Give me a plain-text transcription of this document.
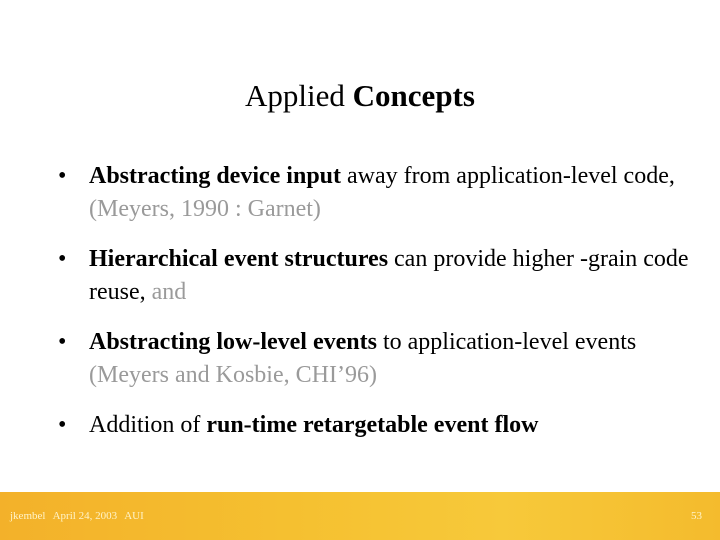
Applied Concepts
• Abstracting device input away from application-level code, (Meyers, 1990 : Garnet)
• Hierarchical event structures can provide higher -grain code reuse, and
• Abstracting low-level events to application-level events (Meyers and Kosbie, CHI’96)
• Addition of run-time retargetable event flow
jkembel April 24, 2003 AUI	53
